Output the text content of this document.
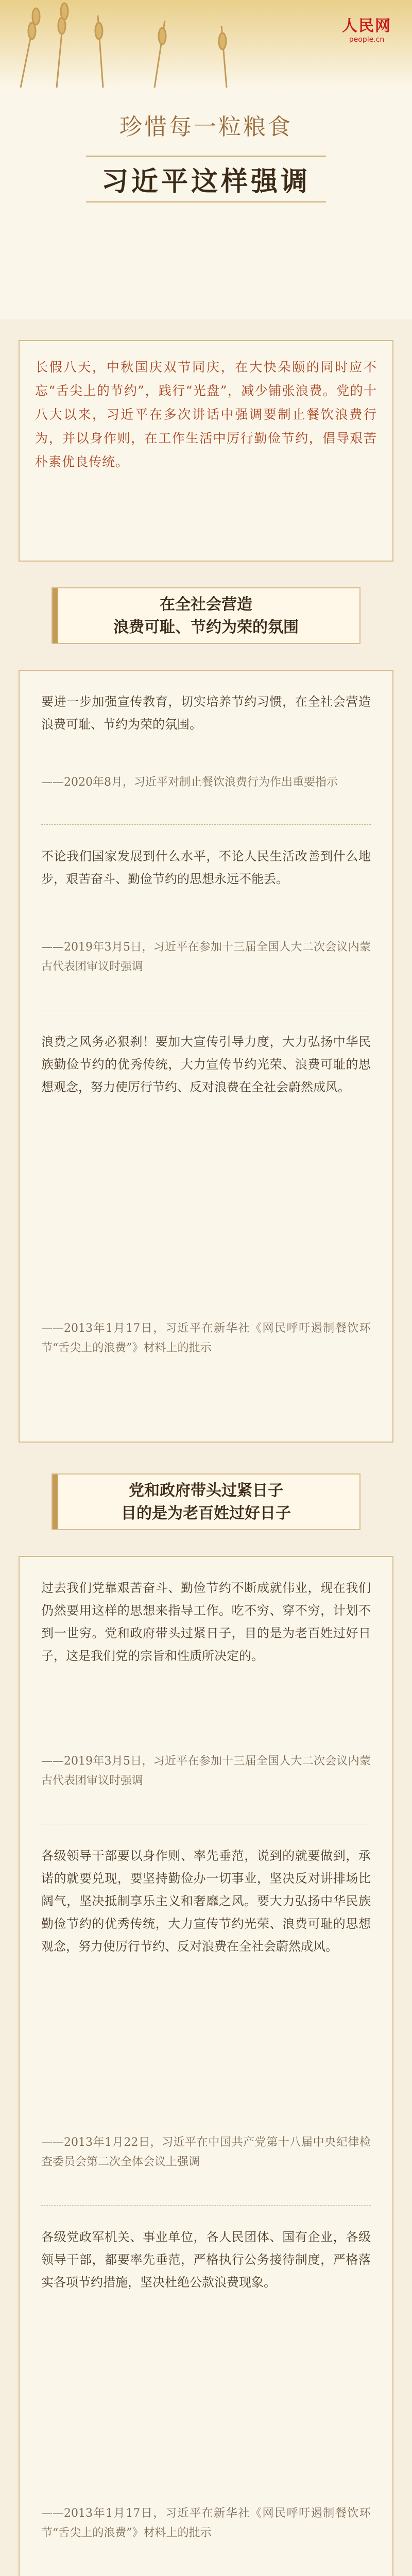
人民网
people.cn
珍惜每一粒粮食
习近平这样强调
长假八天，中秋国庆双节同庆，在大快朵颐的同时应不忘“舌尖上的节约”，践行“光盘”，减少铺张浪费。党的十八大以来，习近平在多次讲话中强调要制止餐饮浪费行为，并以身作则，在工作生活中厉行勤俭节约，倡导艰苦朴素优良传统。
在全社会营造
浪费可耻、节约为荣的氛围
要进一步加强宣传教育，切实培养节约习惯，在全社会营造浪费可耻、节约为荣的氛围。
——2020年8月，习近平对制止餐饮浪费行为作出重要指示
不论我们国家发展到什么水平，不论人民生活改善到什么地步，艰苦奋斗、勤俭节约的思想永远不能丢。
——2019年3月5日，习近平在参加十三届全国人大二次会议内蒙古代表团审议时强调
浪费之风务必狠刹！要加大宣传引导力度，大力弘扬中华民族勤俭节约的优秀传统，大力宣传节约光荣、浪费可耻的思想观念，努力使厉行节约、反对浪费在全社会蔚然成风。
——2013年1月17日，习近平在新华社《网民呼吁遏制餐饮环节“舌尖上的浪费”》材料上的批示
党和政府带头过紧日子
目的是为老百姓过好日子
过去我们党靠艰苦奋斗、勤俭节约不断成就伟业，现在我们仍然要用这样的思想来指导工作。吃不穷、穿不穷，计划不到一世穷。党和政府带头过紧日子，目的是为老百姓过好日子，这是我们党的宗旨和性质所决定的。
——2019年3月5日，习近平在参加十三届全国人大二次会议内蒙古代表团审议时强调
各级领导干部要以身作则、率先垂范，说到的就要做到，承诺的就要兑现，要坚持勤俭办一切事业，坚决反对讲排场比阔气，坚决抵制享乐主义和奢靡之风。要大力弘扬中华民族勤俭节约的优秀传统，大力宣传节约光荣、浪费可耻的思想观念，努力使厉行节约、反对浪费在全社会蔚然成风。
——2013年1月22日，习近平在中国共产党第十八届中央纪律检查委员会第二次全体会议上强调
各级党政军机关、事业单位，各人民团体、国有企业，各级领导干部，都要率先垂范，严格执行公务接待制度，严格落实各项节约措施，坚决杜绝公款浪费现象。
——2013年1月17日，习近平在新华社《网民呼吁遏制餐饮环节“舌尖上的浪费”》材料上的批示
